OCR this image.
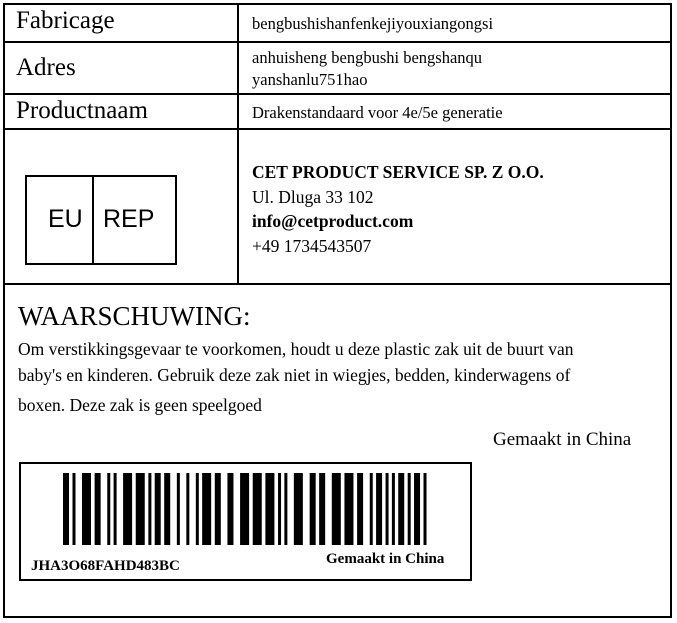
Fabricage	bengbushishanfenkejiyouxiangongsi
Adres	anhuisheng bengbushi bengshanqu
yanshanlu751hao
Productnaam	Drakenstandaard voor 4e/5e generatie
EU REP
CET PRODUCT SERVICE SP. Z O.O.
Ul. Dluga 33 102
info@cetproduct.com
+49 1734543507
WAARSCHUWING:
Om verstikkingsgevaar te voorkomen, houdt u deze plastic zak uit de buurt van
baby's en kinderen. Gebruik deze zak niet in wiegjes, bedden, kinderwagens of
boxen. Deze zak is geen speelgoed
Gemaakt in China
JHA3O68FAHD483BC	Gemaakt in China
